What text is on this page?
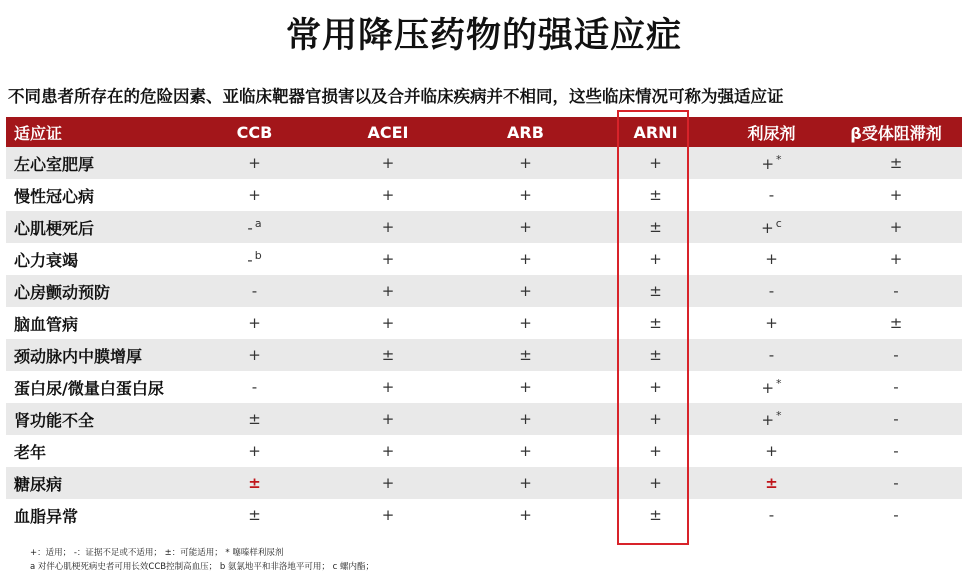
常用降压药物的强适应症
不同患者所存在的危险因素、亚临床靶器官损害以及合并临床疾病并不相同，这些临床情况可称为强适应证
适应证	CCB	ACEI	ARB	ARNI	利尿剂	β受体阻滞剂
左心室肥厚	+	+	+	+	+ *	±
慢性冠心病	+	+	+	±	-	+
心肌梗死后	- $^a$	+	+	±	+ $^c$	+
心力衰竭	- $^b$	+	+	+	+	+
心房颤动预防	-	+	+	±	-	-
脑血管病	+	+	+	±	+	±
颈动脉内中膜增厚	+	±	±	±	-	-
蛋白尿/微量白蛋白尿	-	+	+	+	+ *	-
肾功能不全	±	+	+	+	+ *	-
老年	+	+	+	+	+	-
糖尿病	±	+	+	+	±	-
血脂异常	±	+	+	±	-	-
+：适用； -：证据不足或不适用； ±：可能适用； * 噻嗪样利尿剂
a 对伴心肌梗死病史者可用长效CCB控制高血压； b 氨氯地平和非洛地平可用； c 螺内酯；
